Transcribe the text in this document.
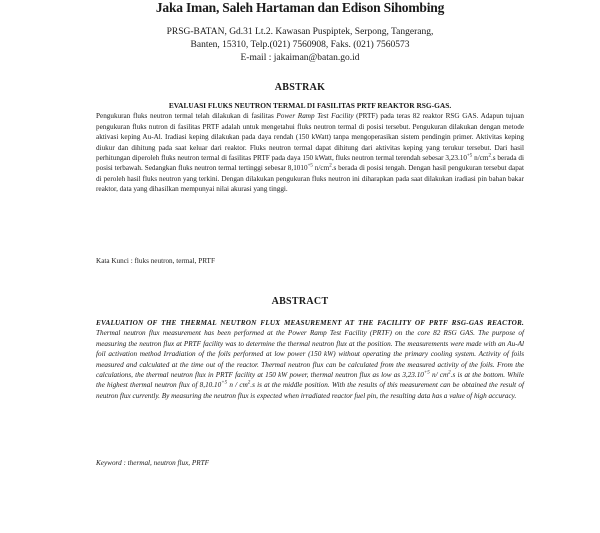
Jaka Iman, Saleh Hartaman dan Edison Sihombing
PRSG-BATAN, Gd.31 Lt.2. Kawasan Puspiptek, Serpong, Tangerang,
Banten, 15310, Telp.(021) 7560908, Faks. (021) 7560573
E-mail : jakaiman@batan.go.id
ABSTRAK
EVALUASI FLUKS NEUTRON TERMAL DI FASILITAS PRTF REAKTOR RSG-GAS.
Pengukuran fluks neutron termal telah dilakukan di fasilitas Power Ramp Test Facility (PRTF) pada teras 82 reaktor RSG GAS. Adapun tujuan pengukuran fluks nutron di fasilitas PRTF adalah untuk mengetahui fluks neutron termal di posisi tersebut. Pengukuran dilakukan dengan metode aktivasi keping Au-Al. Iradiasi keping dilakukan pada daya rendah (150 kWatt) tanpa mengoperasikan sistem pendingin primer. Aktivitas keping diukur dan dihitung pada saat keluar dari reaktor. Fluks neutron termal dapat dihitung dari aktivitas keping yang terukur tersebut. Dari hasil perhitungan diperoleh fluks neutron termal di fasilitas PRTF pada daya 150 kWatt, fluks neutron termal terendah sebesar $3,23.10^{+5}$ $n/cm^2.s$ berada di posisi terbawah. Sedangkan fluks neutron termal tertinggi sebesar $8,1010^{+5}$ $n/cm^2.s$ berada di posisi tengah. Dengan hasil pengukuran tersebut dapat di peroleh hasil fluks neutron yang terkini. Dengan dilakukan pengukuran fluks neutron ini diharapkan pada saat dilakukan iradiasi pin bahan bakar reaktor, data yang dihasilkan mempunyai nilai akurasi yang tinggi.
Kata Kunci : fluks neutron, termal, PRTF
ABSTRACT
EVALUATION OF THE THERMAL NEUTRON FLUX MEASUREMENT AT THE FACILITY OF PRTF RSG-GAS REACTOR. Thermal neutron flux measurement has been performed at the Power Ramp Test Facility (PRTF) on the core 82 RSG GAS. The purpose of measuring the neutron flux at PRTF facility was to determine the thermal neutron flux at the position. The measurements were made with an Au-Al foil activation method Irradiation of the foils performed at low power (150 kW) without operating the primary cooling system. Activity of foils measured and calculated at the time out of the reactor. Thermal neutron flux can be calculated from the measured activity of the foils. From the calculations, the thermal neutron flux in PRTF facility at 150 kW power, thermal neutron flux as low as $3,23.10^{+5}$ n/ $cm^2.s$ is at the bottom. While the highest thermal neutron flux of $8,10.10^{+5}$ n / $cm^2.s$ is at the middle position. With the results of this measurement can be obtained the result of neutron flux currently. By measuring the neutron flux is expected when irradiated reactor fuel pin, the resulting data has a value of high accuracy.
Keyword : thermal, neutron flux, PRTF
